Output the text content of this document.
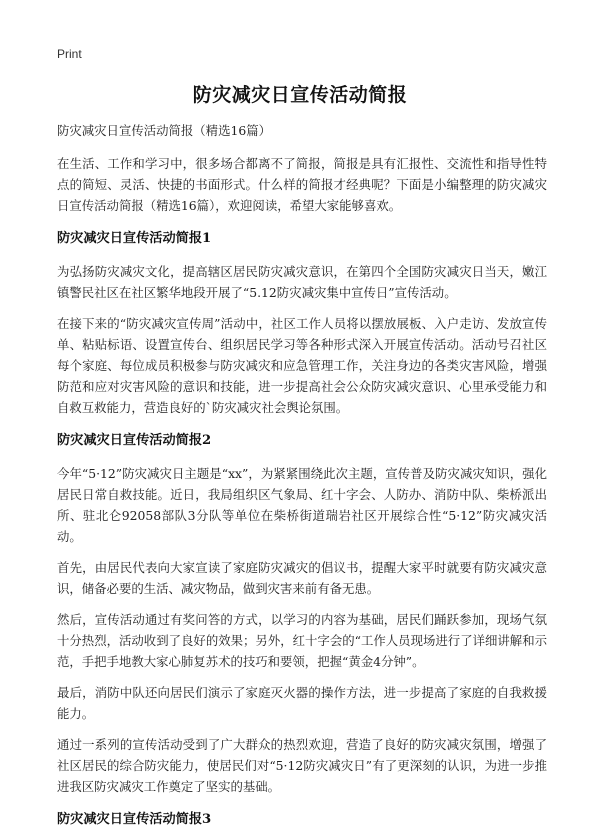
Print
防灾减灾日宣传活动简报

防灾减灾日宣传活动简报（精选16篇）

在生活、工作和学习中，很多场合都离不了简报，简报是具有汇报性、交流性和指导性特点的简短、灵活、快捷的书面形式。什么样的简报才经典呢？下面是小编整理的防灾减灾日宣传活动简报（精选16篇），欢迎阅读，希望大家能够喜欢。

防灾减灾日宣传活动简报1

为弘扬防灾减灾文化，提高辖区居民防灾减灾意识，在第四个全国防灾减灾日当天，嫩江镇警民社区在社区繁华地段开展了“5.12防灾减灾集中宣传日”宣传活动。

在接下来的“防灾减灾宣传周”活动中，社区工作人员将以摆放展板、入户走访、发放宣传单、粘贴标语、设置宣传台、组织居民学习等各种形式深入开展宣传活动。活动号召社区每个家庭、每位成员积极参与防灾减灾和应急管理工作，关注身边的各类灾害风险，增强防范和应对灾害风险的意识和技能，进一步提高社会公众防灾减灾意识、心里承受能力和自救互救能力，营造良好的`防灾减灾社会舆论氛围。

防灾减灾日宣传活动简报2

今年“5·12”防灾减灾日主题是“xx”，为紧紧围绕此次主题，宣传普及防灾减灾知识，强化居民日常自救技能。近日，我局组织区气象局、红十字会、人防办、消防中队、柴桥派出所、驻北仑92058部队3分队等单位在柴桥街道瑞岩社区开展综合性“5·12”防灾减灾活动。

首先，由居民代表向大家宣读了家庭防灾减灾的倡议书，提醒大家平时就要有防灾减灾意识，储备必要的生活、减灾物品，做到灾害来前有备无患。

然后，宣传活动通过有奖问答的方式，以学习的内容为基础，居民们踊跃参加，现场气氛十分热烈，活动收到了良好的效果；另外，红十字会的“工作人员现场进行了详细讲解和示范，手把手地教大家心肺复苏术的技巧和要领，把握“黄金4分钟”。

最后，消防中队还向居民们演示了家庭灭火器的操作方法，进一步提高了家庭的自我救援能力。

通过一系列的宣传活动受到了广大群众的热烈欢迎，营造了良好的防灾减灾氛围，增强了社区居民的综合防灾能力，使居民们对“5·12防灾减灾日”有了更深刻的认识，为进一步推进我区防灾减灾工作奠定了坚实的基础。

防灾减灾日宣传活动简报3
